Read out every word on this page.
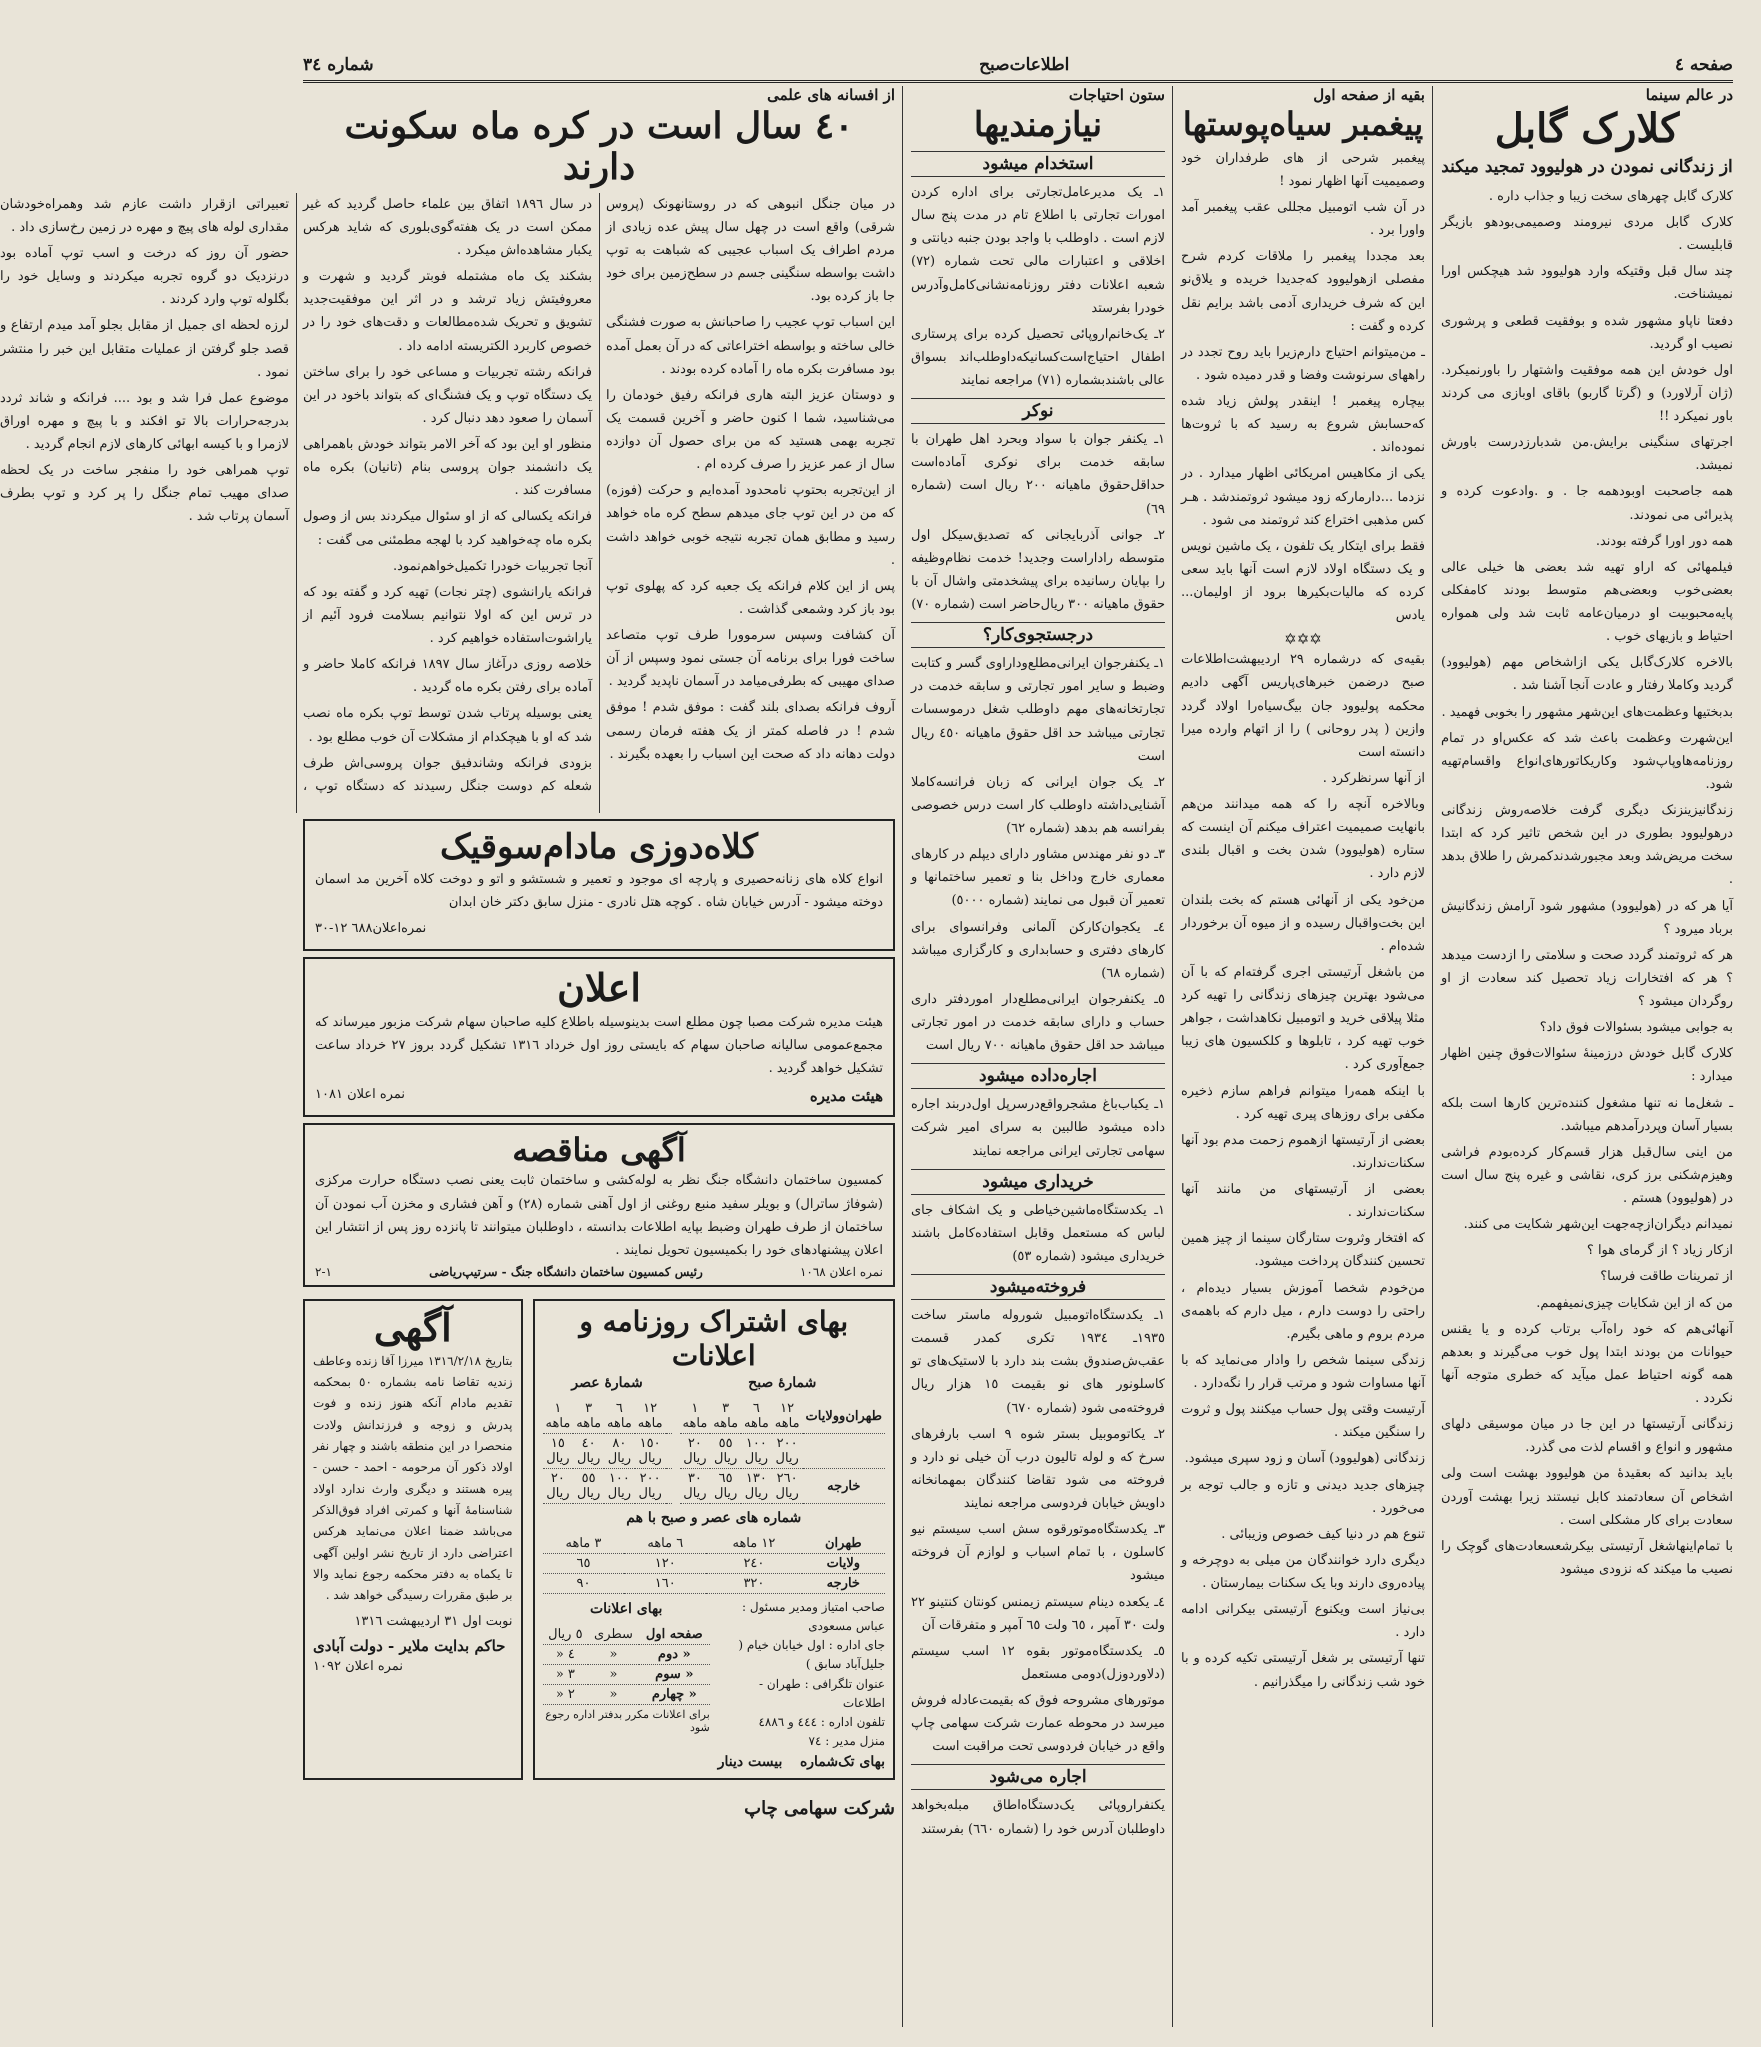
صفحه ٤
اطلاعات‌صبح
شماره ٣٤
در عالم سینما
کلارک گابل
از زندگانی نمودن در هولیوود تمجید میکند

کلارک گابل چهرهای سخت زیبا و جذاب داره .

کلارک گابل مردی نیرومند وصمیمی‌بودهو بازیگر قابلیست .

چند سال قبل وقتیکه وارد هولیوود شد هیچکس اورا نمیشناخت.

دفعتا ناپاو مشهور شده و بوفقیت قطعی و پرشوری نصیب او گردید.

اول خودش این همه موفقیت واشتهار را باورنمیکرد.(ژان آرلاورد) و (گرتا گاربو) باقای اوبازی می کردند باور نمیکرد !!

اجرتهای سنگینی برایش.من شدبارزدرست باورش نمیشد.

همه جاصحبت اوبودهمه جا . و .وادعوت کرده و پذیرائی می نمودند.

همه دور اورا گرفته بودند.

فیلمهائی که اراو تهیه شد بعضی ها خیلی عالی بعضی‌خوب وبعضی‌هم متوسط بودند کامفکلی پایه‌محبوبیت او درمیان‌عامه ثابت شد ولی همواره احتیاط و بازیهای خوب .

بالاخره کلارک‌گابل یکی ازاشخاص مهم (هولیوود) گردید وکاملا رفتار و عادت آنجا آشنا شد .

بدبختیها وعظمت‌های این‌شهر مشهور را بخوبی فهمید .

این‌شهرت وعظمت باعث شد که عکس‌او در تمام روزنامه‌هاوپاپ‌شود وکاریکاتورهای‌انواع واقسام‌تهیه شود.

زندگانیزینزنک دیگری گرفت خلاصه‌روش زندگانی درهولیوود بطوری در این شخص تاثیر کرد که ابتدا سخت مریض‌شد وبعد مجبورشدندکمرش را طلاق بدهد .

آیا هر که در (هولیوود) مشهور شود آرامش زندگانیش برباد میرود ؟

هر که ثروتمند گردد صحت و سلامتی را ازدست میدهد ؟ هر که افتخارات زیاد تحصیل کند سعادت از او روگردان میشود ؟

به جوابی میشود بسئوالات فوق داد؟

کلارک گابل خودش درزمینهٔ سئوالات‌فوق چنین اظهار میدارد :

ـ شغل‌ما نه تنها مشغول کننده‌ترین کارها است بلکه بسیار آسان وپردرآمدهم میباشد.

من اینی سال‌قبل هزار قسم‌کار کرده‌بودم فراشی وهیزم‌شکنی برز کری، نقاشی و غیره پنج سال است در (هولیوود) هستم .

نمیدانم دیگران‌ازچه‌جهت این‌شهر شکایت می کنند.

ازکار زیاد ؟ از گرمای هوا ؟

از تمرینات طاقت فرسا؟

من که از این شکایات چیزی‌نمیفهمم.

آنهائی‌هم که خود راه‌آب برتاب کرده و یا یقنس حیوانات من بودند ابتدا پول خوب می‌گیرند و بعد‌هم همه گونه احتیاط عمل میآید که خطری متوجه آنها نکردد .

زندگانی آرتیستها در این جا در میان موسیقی دلهای مشهور و انواع و اقسام لذت می گذرد.

باید بدانید که بعقیدهٔ من هولیوود بهشت است ولی اشخاص آن سعادتمند کابل نیستند زیرا بهشت آوردن سعادت برای کار مشکلی است .

با تمام‌اینهاشغل آرتیستی بیکرشعسعادت‌های گوچک را نصیب ما میکند که نزودی میشود

بقیه از صفحه اول
پیغمبر سیاه‌پوستها

پیغمبر شرحی از های طرفداران خود وصمیمیت آنها اظهار نمود !

در آن شب اتومبیل مجللی عقب پیغمبر آمد واورا برد .

بعد مجددا پیغمبر را ملاقات کردم شرح مفصلی ازهولیوود که‌جدیدا خریده و یلاق‌نو این که شرف خریداری آدمی باشد برایم نقل کرده و گفت :

ـ من‌میتوانم احتیاج دارم‌زیرا باید روح تجدد در راههای سرنوشت وفضا و قدر دمیده شود .

بیچاره پیغمبر ! اینقدر پولش زیاد شده که‌حسابش شروع به رسید که با ثروت‌ها نموده‌اند .

یکی از مکاهیس امریکائی اظهار میدارد . در نزدما ...دارمارکه زود میشود ثروتمندشد . هـر کس مذهبی اختراع کند ثروتمند می شود .

فقط برای ایتکار یک تلفون ، یک ماشین نویس و یک دستگاه اولاد لازم است آنها باید سعی کرده که مالیات‌بکیرها برود از اولیمان... یادس

✡✡✡

بقیه‌ی که درشماره ٢٩ اردیبهشت‌اطلاعات صبح درضمن خبرهای‌پاریس آگهی دادیم محکمه پولیوود جان بیگ‌سیاه‌را اولاد گردد وازین ( پدر روحانی ) را از اتهام وارده میرا دانسته است

از آنها سرنظرکرد .

وبالاخره آنچه را که همه میدانند من‌هم بانهایت صمیمیت اعتراف میکنم آن اینست که ستاره (هولیوود) شدن بخت و اقبال بلندی لازم دارد .

من‌خود یکی از آنهائی هستم که بخت بلندان این بخت‌واقبال رسیده و از میوه آن برخوردار شده‌ام .

من باشغل آرتیستی اجری گرفته‌ام که با آن می‌شود بهترین چیزهای زندگانی را تهیه کرد مثلا پیلاقی خرید و اتومبیل نکاهداشت ، جواهر خوب تهیه کرد ، تابلوها و کلکسیون های زیبا جمع‌آوری کرد .

با اینکه همه‌را میتوانم فراهم سازم ذخیره مکفی برای روزهای پیری تهیه کرد .

بعضی از آرتیستها ازهموم زحمت مدم بود آنها سکنات‌ندارند.

بعضی از آرتیستهای من مانند آنها سکنات‌ندارند .

که افتخار وثروت ستارگان سینما از چیز همین تحسین کنندگان پرداخت میشود.

من‌خودم شخصا آموزش بسیار دیده‌ام ، راحتی را دوست دارم ، میل دارم که باهمه‌ی مردم بروم و ماهی بگیرم.

زندگی سینما شخص را وادار می‌نماید که با آنها مساوات شود و مرتب قرار را نگه‌دارد .

آرتیست وقتی پول حساب میکنند پول و ثروت را سنگین میکند .

زندگانی (هولیوود) آسان و زود سپری میشود.

چیزهای جدید دیدنی و تازه و جالب توجه بر می‌خورد .

تنوع هم در دنیا کیف خصوص وزیبائی .

دیگری دارد خوانندگان من میلی به دوچرخه و پیاده‌روی دارند وبا یک سکنات بیمارستان .

بی‌نیاز است ویکنوع آرتیستی بیکرانی ادامه دارد .

تنها آرتیستی بر شغل آرتیستی تکیه کرده و با خود شب زندگانی را میگذرانیم .

ستون احتیاجات
نیازمندیها
استخدام میشود

١ـ یک مدیرعامل‌تجارتی برای اداره کردن امورات تجارتی با اطلاع تام در مدت پنج سال لازم است . داوطلب با واجد بودن جنبه دیانتی و اخلاقی و اعتبارات مالی تحت شماره (٧٢) شعبه اعلانات دفتر روزنامه‌نشانی‌کامل‌وآدرس خودرا بفرستد

٢ـ یک‌خانم‌اروپائی تحصیل کرده برای پرستاری اطفال احتیاج‌است‌کسانیکه‌داوطلب‌اند بسواق عالی باشندبشماره (٧١) مراجعه نمایند

نوکر

١ـ یکنفر جوان با سواد وبحرد اهل طهران با سابقه خدمت برای نوکری آماده‌است حداقل‌حقوق ماهیانه ٢٠٠ ریال است (شماره ٦٩)

٢ـ جوانی آذربایجانی که تصدیق‌سیکل اول متوسطه راداراست وجدید! خدمت نظام‌وظیفه را بپایان رسانیده برای پیشخدمتی واشال آن با حقوق ماهیانه ٣٠٠ ریال‌حاضر است (شماره ٧٠)

درجستجوی‌کار؟

١ـ یکنفرجوان ایرانی‌مطلع‌وداراوی گسر و کتابت وضبط و سایر امور تجارتی و سابقه خدمت در تجارتخانه‌های مهم داوطلب شغل درموسسات تجارتی میباشد حد اقل حقوق ماهیانه ٤٥٠ ریال است

٢ـ یک جوان ایرانی که زبان فرانسه‌کاملا آشنایی‌داشته داوطلب کار است درس خصوصی بفرانسه هم بدهد (شماره ٦٢)

٣ـ دو نفر مهندس مشاور دارای دیپلم در کارهای معماری خارج وداخل بنا و تعمیر ساختمانها و تعمیر آن قبول می نمایند (شماره ٥٠٠٠)

٤ـ یکجوان‌کارکن آلمانی وفرانسوای برای کارهای دفتری و حسابداری و کارگزاری میباشد (شماره ٦٨)

٥ـ یکنفرجوان ایرانی‌مطلع‌دار اموردفتر داری حساب و دارای سابقه خدمت در امور تجارتی میباشد حد اقل حقوق ماهیانه ٧٠٠ ریال است

اجاره‌داده میشود

١ـ یکباب‌باغ مشجرواقع‌درسرپل اول‌دربند اجاره داده میشود طالبین به سرای امیر شرکت سهامی تجارتی ایرانی مراجعه نمایند

خریداری میشود

١ـ یکدستگاه‌ماشین‌خیاطی و یک اشکاف جای لباس که مستعمل وقابل استفاده‌کامل باشند خریداری میشود (شماره ٥٣)

فروخته‌میشود

١ـ یکدستگاه‌اتومبیل شوروله ماستر ساخت ١٩٣٥ـ ١٩٣٤ تکری کمدر قسمت عقب‌ش‌صندوق بشت بند دارد با لاستیک‌های تو کاسلونور های نو بقیمت ١٥ هزار ریال فروخته‌می شود (شماره ٦٧٠)

٢ـ یکاتوموبیل بستر شوه ٩ اسب بارفرهای سرخ که و لوله تالیون درب آن خیلی نو دارد و فروخته می شود تقاضا کنندگان بمهمانخانه داویش خیابان فردوسی مراجعه نمایند

٣ـ یکدستگاه‌موتور‌قوه سش اسب سیستم نیو کاسلون ، با تمام اسباب و لوازم آن فروخته میشود

٤ـ یکعده دینام سیستم زیمنس کونتان کنتینو ٢٢ ولت ٣٠ آمپر ، ٦٥ ولت ٦٥ آمپر و متفرقات آن

٥ـ یکدستگاه‌موتور بقوه ١٢ اسب سیستم (دلاوردوزل)دومی مستعمل

موتورهای مشروحه فوق که بقیمت‌عادله فروش میرسد در محوطه عمارت شرکت سهامی چاپ واقع در خیابان فردوسی تحت مراقبت است

اجاره می‌شود

یکنفراروپائی یک‌دستگاه‌اطاق‌ مبله‌بخواهد داوطلبان آدرس خود را (شماره ٦٦٠) بفرستند

از افسانه های علمی
٤٠ سال است در کره ماه سکونت دارند

در میان جنگل انبوهی که در روستانهونک (پروس شرقی) واقع است در چهل سال پیش عده زیادی از مردم اطراف یک اسباب عجیبی که شباهت به توپ داشت بواسطه سنگینی جسم در سطح‌زمین برای خود جا باز کرده بود.

این اسباب توپ عجیب را صاحبانش به صورت فشنگی خالی ساخته و بواسطه اختراعاتی که در آن بعمل آمده بود مسافرت بکره ماه را آماده کرده بودند .

و دوستان عزیز البته هاری فرانکه رفیق خودمان را می‌شناسید، شما ا کنون حاضر و آخرین قسمت یک تجربه بهمی هستید که من برای حصول آن دوازده سال از عمر عزیز را صرف کرده ام .

از این‌تجربه بحتوپ نامحدود آمده‌ایم و حرکت (فوزه) که من در این توپ جای میدهم سطح کره ماه خواهد رسید و مطابق همان تجربه نتیجه خوبی خواهد داشت .

پس از این کلام فرانکه یک جعبه کرد که پهلوی توپ بود باز کرد وشمعی گذاشت .

آن کشافت وسپس سرموورا طرف توپ متصاعد ساخت فورا برای برنامه آن جستی نمود وسپس از آن صدای مهیبی که بطرفی‌میامد در آسمان ناپدید گردید .

آروف فرانکه بصدای بلند گفت : موفق شدم ! موفق شدم ! در فاصله کمتر از یک هفته فرمان رسمی دولت دهانه داد که صحت این اسباب را بعهده بگیرند .

در سال ١٨٩٦ اتفاق بین علماء حاصل گردید که غیر ممکن است در یک هفته‌گوی‌بلوری که شاید هرکس یکبار مشاهده‌اش میکرد .

بشکند یک ماه مشتمله فوبتر گردید و شهرت و معروفیتش زیاد ترشد و در اثر این موفقیت‌جدید تشویق و تحریک شده‌مطالعات و دقت‌های خود را در خصوص کاربرد الکتریسته ادامه داد .

فرانکه رشته تجربیات و مساعی خود را برای ساختن یک دستگاه توپ و یک فشنگ‌ای که بتواند باخود در این آسمان را صعود دهد دنبال کرد .

منظور او این بود که آخر الامر بتواند خودش باهمراهی یک دانشمند جوان پروسی بنام (تانیان) بکره ماه مسافرت کند .

فرانکه یکسالی که از او سئوال میکردند بس از وصول بکره ماه چه‌خواهید کرد با لهجه مطمئنی می گفت :

آنجا تجربیات خودرا تکمیل‌خواهم‌نمود.

فرانکه یارانشوی (چتر نجات) تهیه کرد و گفته بود که در ترس این که اولا نتوانیم بسلامت فرود آئیم از یاراشوت‌استفاده خواهیم کرد .

خلاصه روزی درآغاز سال ١٨٩٧ فرانکه کاملا حاضر و آماده برای رفتن بکره ماه گردید .

یعنی بوسیله پرتاب شدن توسط توپ بکره ماه نصب شد که او با هیچکدام از مشکلات آن خوب مطلع بود .

بزودی فرانکه وشاندفیق جوان پروسی‌اش طرف شعله کم دوست جنگل رسیدند که دستگاه توپ ، تعبیراتی ازقرار داشت عازم شد وهمراه‌خودشان مقداری لوله های پیچ و مهره در زمین رخ‌سازی داد .

حضور آن روز که درخت و اسب توپ آماده بود درنزدیک دو گروه تجربه میکردند و وسایل خود را بگلوله توپ وارد کردند .

لرزه لحظه ای جمیل از مقابل بجلو آمد میدم ارتفاع و قصد جلو گرفتن از عملیات متقابل این خبر را منتشر نمود .

موضوع عمل فرا شد و بود .... فرانکه و شاند ثردد بدرجه‌حرارات بالا تو افکند و با پیچ و مهره اوراق لازمرا و با کیسه ابهائی کارهای لازم انجام گردید .

توپ همراهی خود را منفجر ساخت در یک لحظه صدای مهیب تمام جنگل را پر کرد و توپ بطرف آسمان پرتاب شد .

کلاه‌دوزی مادام‌سوقیک
انواع کلاه های زنانه‌حصیری و پارچه ای موجود و تعمیر و شستشو و اتو و دوخت کلاه آخرین مد اسمان دوخته میشود - آدرس خیابان شاه . کوچه هتل نادری - منزل سابق دکتر خان ابدان
نمره‌اعلان٦٨٨ ١٢-٣٠
اعلان
هیئت مدیره شرکت مصبا چون مطلع است بدینوسیله باطلاع کلیه صاحبان سهام شرکت مزبور میرساند که مجمع‌عمومی سالیانه صاحبان سهام که بایستی روز اول خرداد ١٣١٦ تشکیل گردد بروز ٢٧ خرداد ساعت تشکیل خواهد گردید .
هیئت مدیره
نمره اعلان ١٠٨١
آگهی مناقصه
کمسیون ساختمان دانشگاه جنگ نظر به لوله‌کشی و ساختمان ثابت یعنی نصب دستگاه حرارت مرکزی (شوفاژ ساترال) و بویلر سفید منبع روغنی از اول آهنی شماره (٢٨) و آهن فشاری و مخزن آب نمودن آن ساختمان از طرف طهران وضبط بپایه اطلاعات بدانسته ، داوطلبان میتوانند تا پانزده روز پس از انتشار این اعلان پیشنهادهای خود را بکمیسیون تحویل نمایند .
نمره اعلان ١٠٦٨
رئیس کمسیون ساختمان دانشگاه جنگ - سرتیپ‌ریاضی
١-٢
بهای اشتراک روزنامه و اعلانات
شمارهٔ صبح
طهران‌وولایات	١٢ ماهه	٦ ماهه	٣ ماهه	١ ماهه
	٢٠٠ ریال	١٠٠ ریال	٥٥ ریال	٢٠ ریال
خارجه	٢٦٠ ریال	١٣٠ ریال	٦٥ ریال	٣٠ ریال
شمارهٔ عصر
	١٢ ماهه	٦ ماهه	٣ ماهه	١ ماهه
	١٥٠ ریال	٨٠ ریال	٤٠ ریال	١٥ ریال
	٢٠٠ ریال	١٠٠ ریال	٥٥ ریال	٢٠ ریال
شماره های عصر و صبح با هم
طهران	١٢ ماهه	٦ ماهه	٣ ماهه
ولایات	٢٤٠	١٢٠	٦٥
خارجه	٣٢٠	١٦٠	٩٠
صاحب امتیاز ومدیر مسئول : عباس مسعودی
جای اداره : اول خیابان خیام ( جلیل‌آباد سابق )
عنوان تلگرافی : طهران - اطلاعات
تلفون اداره : ٤٤٤ و ٤٨٨٦
منزل مدیر : ٧٤
بهای تک‌شماره
بیست دینار
بهای اعلانات
صفحه اول	سطری	٥ ریال
« دوم	«	٤ «
« سوم	«	٣ «
« چهارم	«	٢ «
برای اعلانات مکرر بدفتر اداره رجوع شود
آگهی
بتاریخ ١٣١٦/٢/١٨ میرزا آقا زنده وعاطف زندیه تقاضا نامه بشماره ٥٠ بمحکمه تقدیم مادام آنکه هنوز زنده و فوت پدرش و زوجه و فرزندانش ولادت منحصرا در این منطقه باشند و چهار نفر اولاد ذکور آن مرحومه - احمد - حسن - پیره هستند و دیگری وارث ندارد اولاد شناسنامهٔ آنها و کمرتی افراد فوق‌الذکر می‌باشد ضمنا اعلان می‌نماید هرکس اعتراضی دارد از تاریخ نشر اولین آگهی تا یکماه به دفتر محکمه رجوع نماید والا بر طبق مقررات رسیدگی خواهد شد .
نوبت اول ٣١ اردیبهشت ١٣١٦
حاکم بدایت ملایر - دولت آبادی
نمره اعلان ١٠٩٢
شرکت سهامی چاپ
